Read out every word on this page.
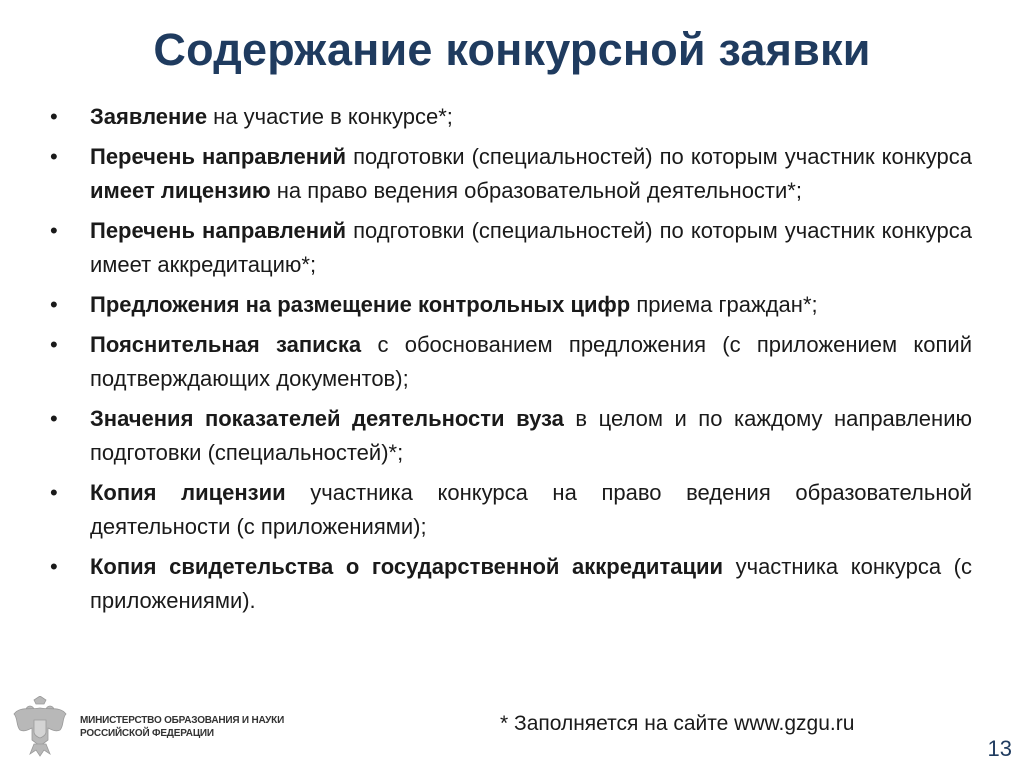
Содержание конкурсной заявки
• Заявление на участие в конкурсе*;
• Перечень направлений подготовки (специальностей) по которым участник конкурса имеет лицензию на право ведения образовательной деятельности*;
• Перечень направлений подготовки (специальностей) по которым участник конкурса имеет аккредитацию*;
• Предложения на размещение контрольных цифр приема граждан*;
• Пояснительная записка с обоснованием предложения (с приложением копий подтверждающих документов);
• Значения показателей деятельности вуза в целом и по каждому направлению подготовки (специальностей)*;
• Копия лицензии участника конкурса на право ведения образовательной деятельности (с приложениями);
• Копия свидетельства о государственной аккредитации участника конкурса (с приложениями).
МИНИСТЕРСТВО ОБРАЗОВАНИЯ И НАУКИ
РОССИЙСКОЙ ФЕДЕРАЦИИ	* Заполняется на сайте www.gzgu.ru
13
